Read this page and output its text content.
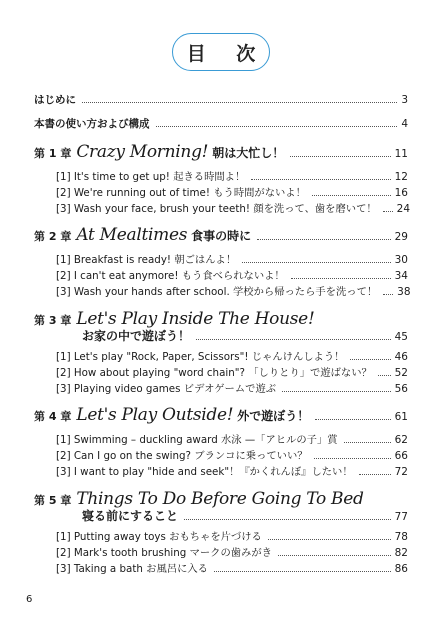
目 次
はじめに	3
本書の使い方および構成	4
第 1 章 Crazy Morning! 朝は大忙し！	11
[1] It's time to get up! 起きる時間よ！	12
[2] We're running out of time! もう時間がないよ！	16
[3] Wash your face, brush your teeth! 顔を洗って、歯を磨いて！ 24
第 2 章 At Mealtimes 食事の時に	29
[1] Breakfast is ready! 朝ごはんよ！	30
[2] I can't eat anymore! もう食べられないよ！	34
[3] Wash your hands after school. 学校から帰ったら手を洗って！ 38
第 3 章 Let's Play Inside The House!
お家の中で遊ぼう！	45
[1] Let's play "Rock, Paper, Scissors"! じゃんけんしよう！	46
[2] How about playing "word chain"? 「しりとり」で遊ばない？ 52
[3] Playing video games ビデオゲームで遊ぶ	56
第 4 章 Let's Play Outside! 外で遊ぼう！	61
[1] Swimming – duckling award 水泳 —「アヒルの子」賞	62
[2] Can I go on the swing? ブランコに乗っていい？	66
[3] I want to play "hide and seek"！『かくれんぼ』したい！	72
第 5 章 Things To Do Before Going To Bed
寝る前にすること	77
[1] Putting away toys おもちゃを片づける	78
[2] Mark's tooth brushing マークの歯みがき	82
[3] Taking a bath お風呂に入る	86
6
